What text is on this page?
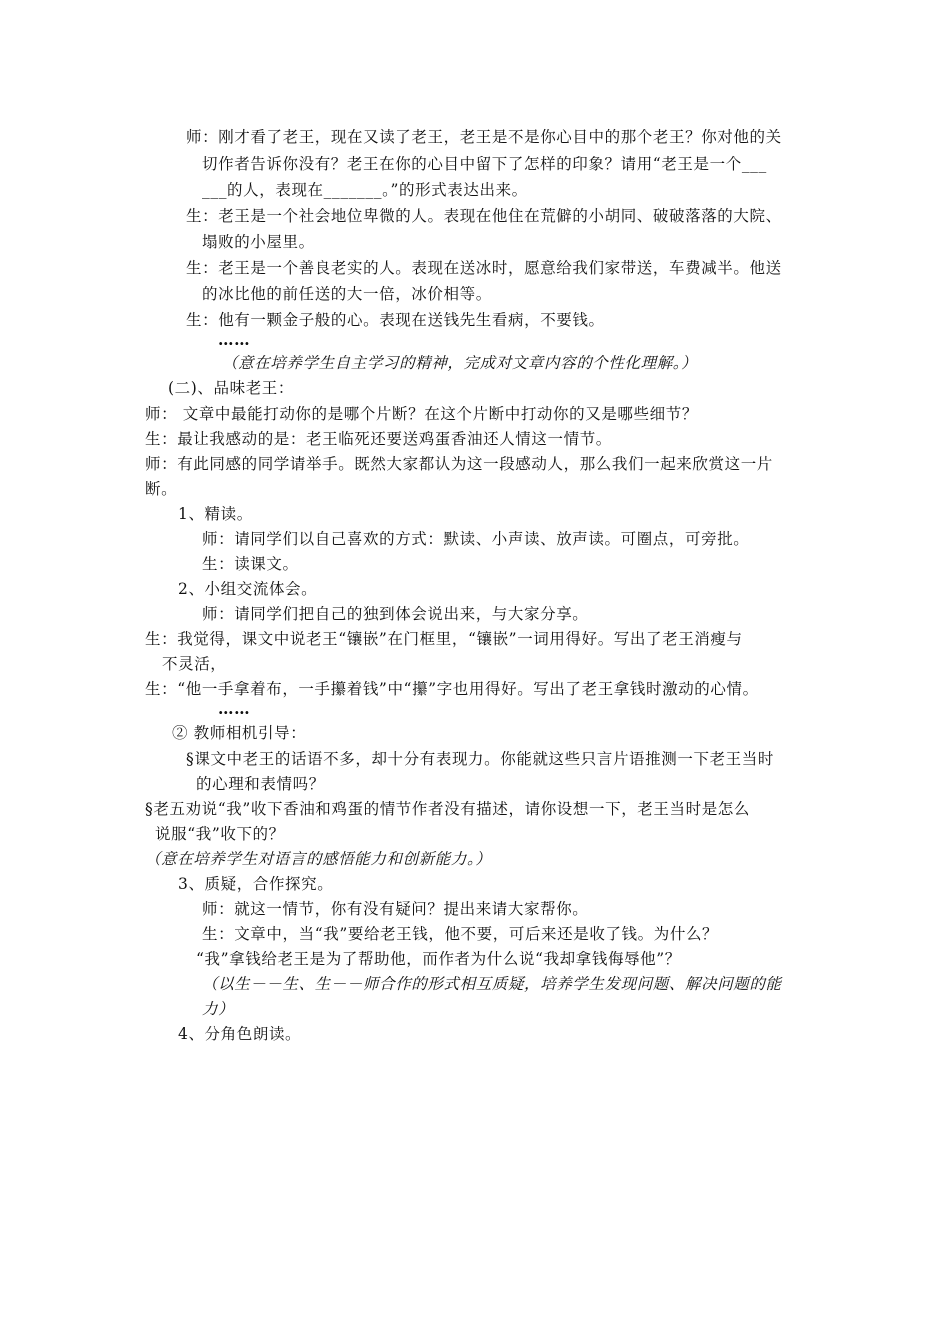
师：刚才看了老王，现在又读了老王，老王是不是你心目中的那个老王？你对他的关
切作者告诉你没有？老王在你的心目中留下了怎样的印象？请用“老王是一个___
___的人，表现在_______。”的形式表达出来。
生：老王是一个社会地位卑微的人。表现在他住在荒僻的小胡同、破破落落的大院、
塌败的小屋里。
生：老王是一个善良老实的人。表现在送冰时，愿意给我们家带送，车费减半。他送
的冰比他的前任送的大一倍，冰价相等。
生：他有一颗金子般的心。表现在送钱先生看病，不要钱。
……
（意在培养学生自主学习的精神，完成对文章内容的个性化理解。）
(二)、品味老王：
师： 文章中最能打动你的是哪个片断？在这个片断中打动你的又是哪些细节？
生：最让我感动的是：老王临死还要送鸡蛋香油还人情这一情节。
师：有此同感的同学请举手。既然大家都认为这一段感动人，那么我们一起来欣赏这一片
断。
1、精读。
师：请同学们以自己喜欢的方式：默读、小声读、放声读。可圈点，可旁批。
生：读课文。
2、小组交流体会。
师：请同学们把自己的独到体会说出来，与大家分享。
生：我觉得，课文中说老王“镶嵌”在门框里，“镶嵌”一词用得好。写出了老王消瘦与
不灵活，
生：“他一手拿着布，一手攥着钱”中“攥”字也用得好。写出了老王拿钱时激动的心情。
……
② 教师相机引导：
§课文中老王的话语不多，却十分有表现力。你能就这些只言片语推测一下老王当时
的心理和表情吗？
§老五劝说“我”收下香油和鸡蛋的情节作者没有描述，请你设想一下，老王当时是怎么
说服“我”收下的？
（意在培养学生对语言的感悟能力和创新能力。）
3、质疑，合作探究。
师：就这一情节，你有没有疑问？提出来请大家帮你。
生：文章中，当“我”要给老王钱，他不要，可后来还是收了钱。为什么？
“我”拿钱给老王是为了帮助他，而作者为什么说“我却拿钱侮辱他”？
（以生－－生、生－－师合作的形式相互质疑，培养学生发现问题、解决问题的能
力）
4、分角色朗读。
